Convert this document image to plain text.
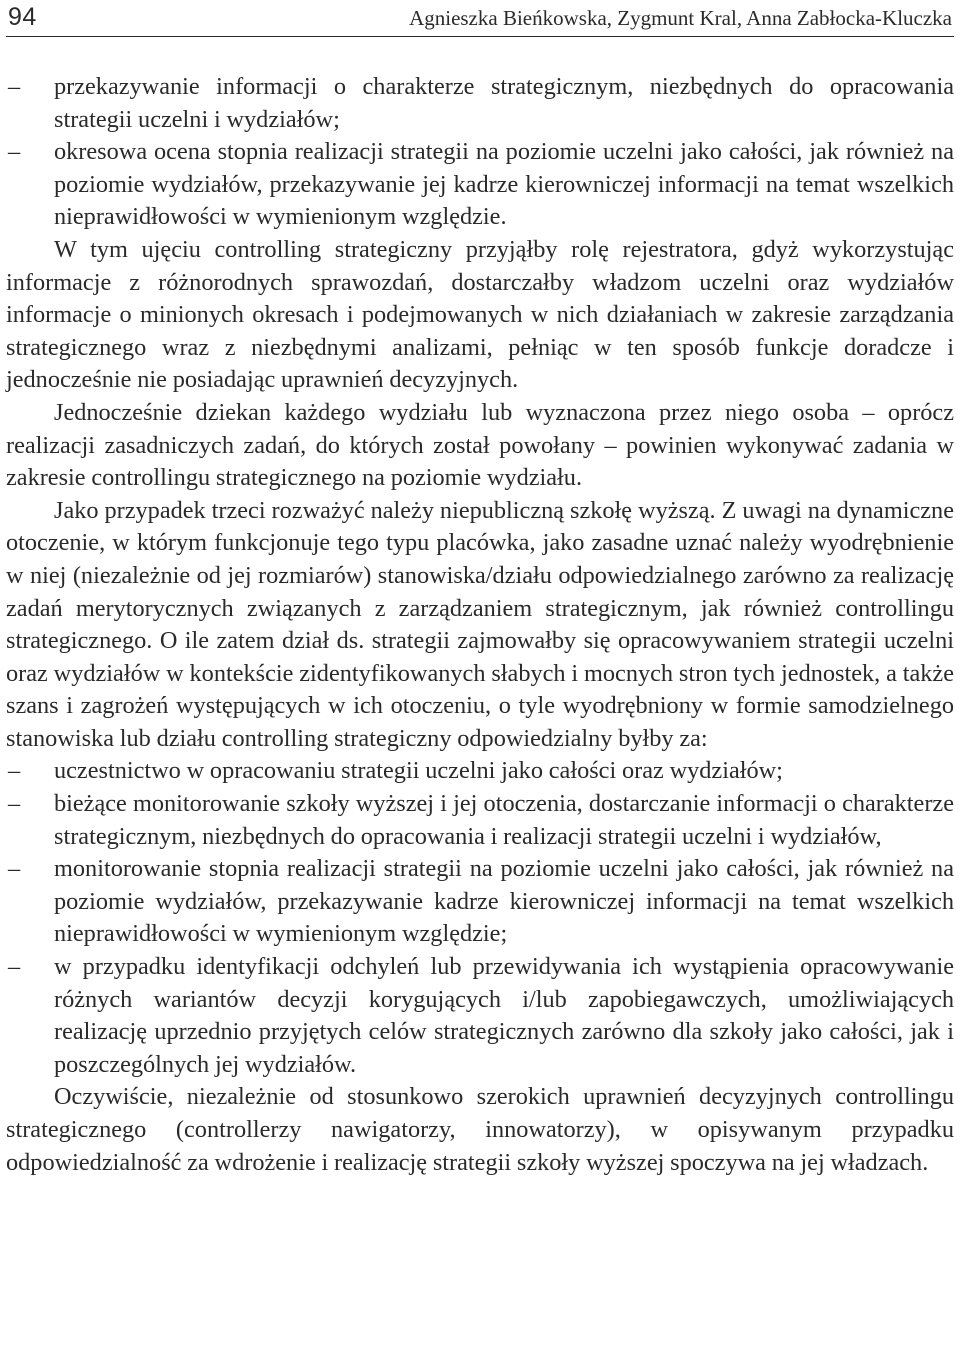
94	Agnieszka Bieńkowska, Zygmunt Kral, Anna Zabłocka-Kluczka
– przekazywanie informacji o charakterze strategicznym, niezbędnych do opracowania strategii uczelni i wydziałów;

– okresowa ocena stopnia realizacji strategii na poziomie uczelni jako całości, jak również na poziomie wydziałów, przekazywanie jej kadrze kierowniczej informacji na temat wszelkich nieprawidłowości w wymienionym względzie.

W tym ujęciu controlling strategiczny przyjąłby rolę rejestratora, gdyż wykorzystując informacje z różnorodnych sprawozdań, dostarczałby władzom uczelni oraz wydziałów informacje o minionych okresach i podejmowanych w nich działaniach w zakresie zarządzania strategicznego wraz z niezbędnymi analizami, pełniąc w ten sposób funkcje doradcze i jednocześnie nie posiadając uprawnień decyzyjnych.

Jednocześnie dziekan każdego wydziału lub wyznaczona przez niego osoba – oprócz realizacji zasadniczych zadań, do których został powołany – powinien wykonywać zadania w zakresie controllingu strategicznego na poziomie wydziału.

Jako przypadek trzeci rozważyć należy niepubliczną szkołę wyższą. Z uwagi na dynamiczne otoczenie, w którym funkcjonuje tego typu placówka, jako zasadne uznać należy wyodrębnienie w niej (niezależnie od jej rozmiarów) stanowiska/działu odpowiedzialnego zarówno za realizację zadań merytorycznych związanych z zarządzaniem strategicznym, jak również controllingu strategicznego. O ile zatem dział ds. strategii zajmowałby się opracowywaniem strategii uczelni oraz wydziałów w kontekście zidentyfikowanych słabych i mocnych stron tych jednostek, a także szans i zagrożeń występujących w ich otoczeniu, o tyle wyodrębniony w formie samodzielnego stanowiska lub działu controlling strategiczny odpowiedzialny byłby za:

– uczestnictwo w opracowaniu strategii uczelni jako całości oraz wydziałów;

– bieżące monitorowanie szkoły wyższej i jej otoczenia, dostarczanie informacji o charakterze strategicznym, niezbędnych do opracowania i realizacji strategii uczelni i wydziałów,

– monitorowanie stopnia realizacji strategii na poziomie uczelni jako całości, jak również na poziomie wydziałów, przekazywanie kadrze kierowniczej informacji na temat wszelkich nieprawidłowości w wymienionym względzie;

– w przypadku identyfikacji odchyleń lub przewidywania ich wystąpienia opracowywanie różnych wariantów decyzji korygujących i/lub zapobiegawczych, umożliwiających realizację uprzednio przyjętych celów strategicznych zarówno dla szkoły jako całości, jak i poszczególnych jej wydziałów.

Oczywiście, niezależnie od stosunkowo szerokich uprawnień decyzyjnych controllingu strategicznego (controllerzy nawigatorzy, innowatorzy), w opisywanym przypadku odpowiedzialność za wdrożenie i realizację strategii szkoły wyższej spoczywa na jej władzach.
